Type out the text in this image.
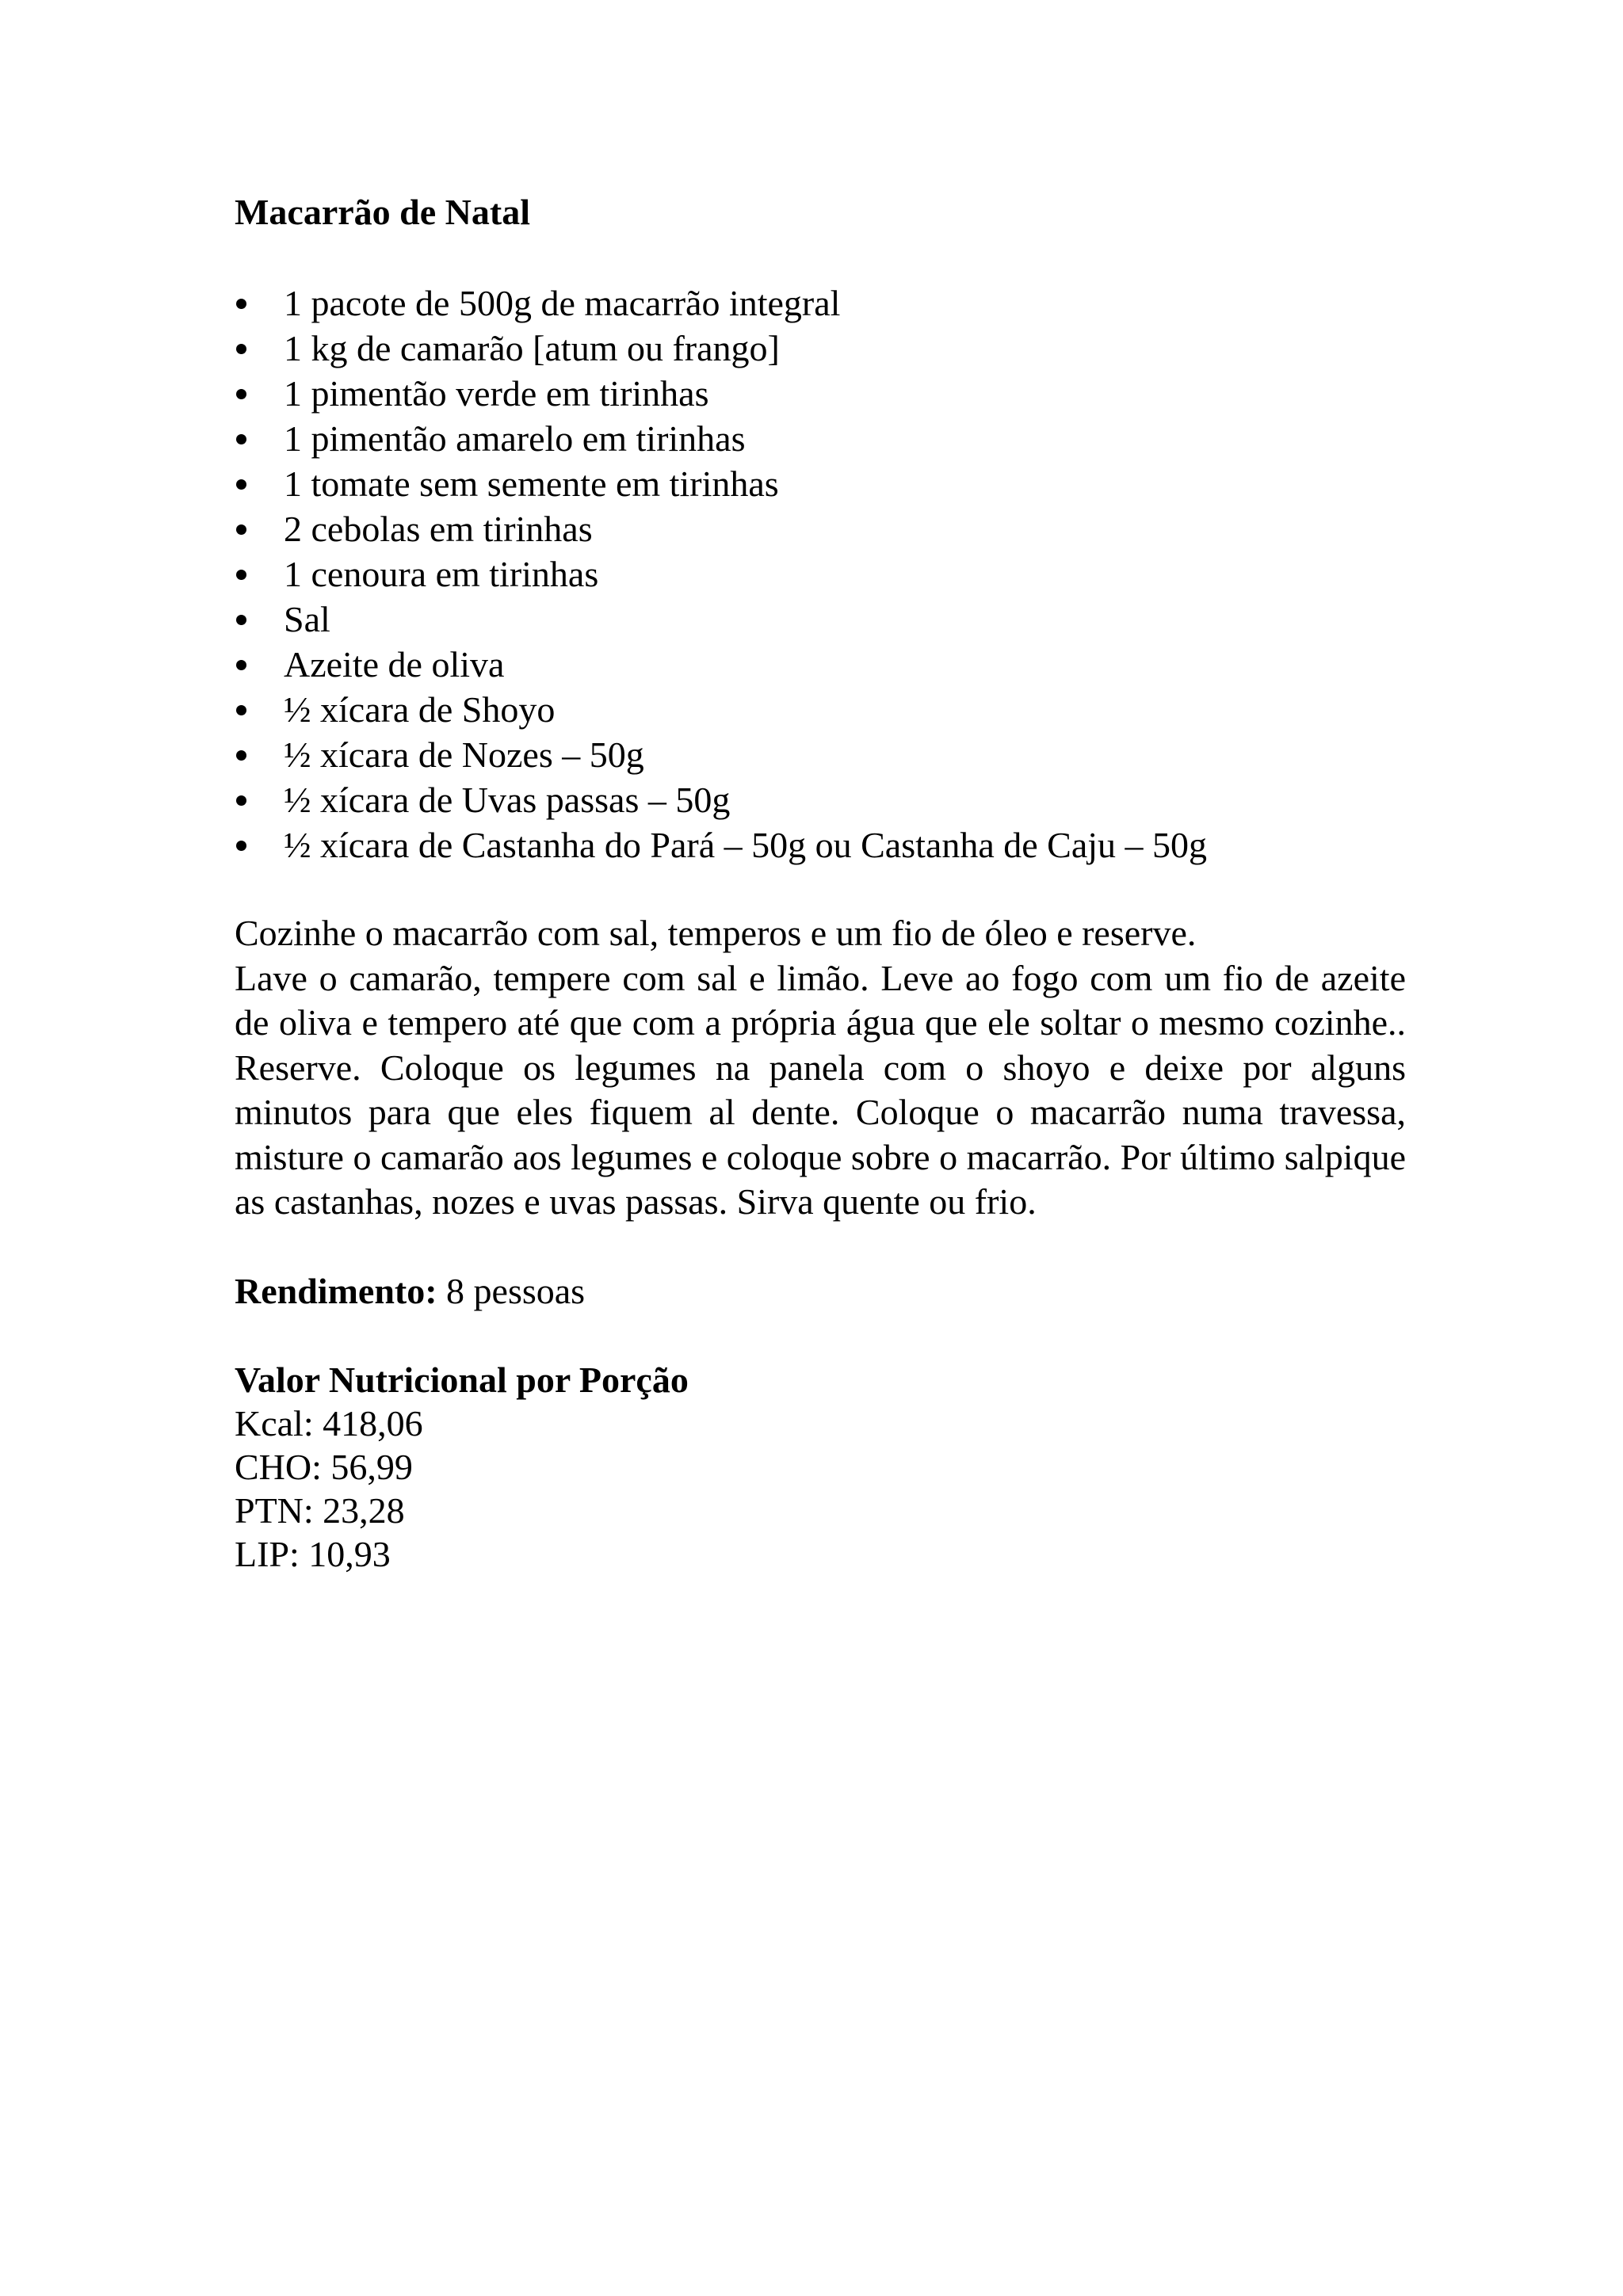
Macarrão de Natal

1 pacote de 500g de macarrão integral
1 kg de camarão [atum ou frango]
1 pimentão verde em tirinhas
1 pimentão amarelo em tirinhas
1 tomate sem semente em tirinhas
2 cebolas em tirinhas
1 cenoura em tirinhas
Sal
Azeite de oliva
½ xícara de Shoyo
½ xícara de Nozes – 50g
½ xícara de Uvas passas – 50g
½ xícara de Castanha do Pará – 50g ou Castanha de Caju – 50g
Cozinhe o macarrão com sal, temperos e um fio de óleo e reserve.
Lave o camarão, tempere com sal e limão. Leve ao fogo com um fio de azeite de oliva e tempero até que com a própria água que ele soltar o mesmo cozinhe.. Reserve. Coloque os legumes na panela com o shoyo e deixe por alguns minutos para que eles fiquem al dente. Coloque o macarrão numa travessa, misture o camarão aos legumes e coloque sobre o macarrão. Por último salpique as castanhas, nozes e uvas passas. Sirva quente ou frio.

Rendimento: 8 pessoas

Valor Nutricional por Porção
Kcal: 418,06
CHO: 56,99
PTN: 23,28
LIP: 10,93
